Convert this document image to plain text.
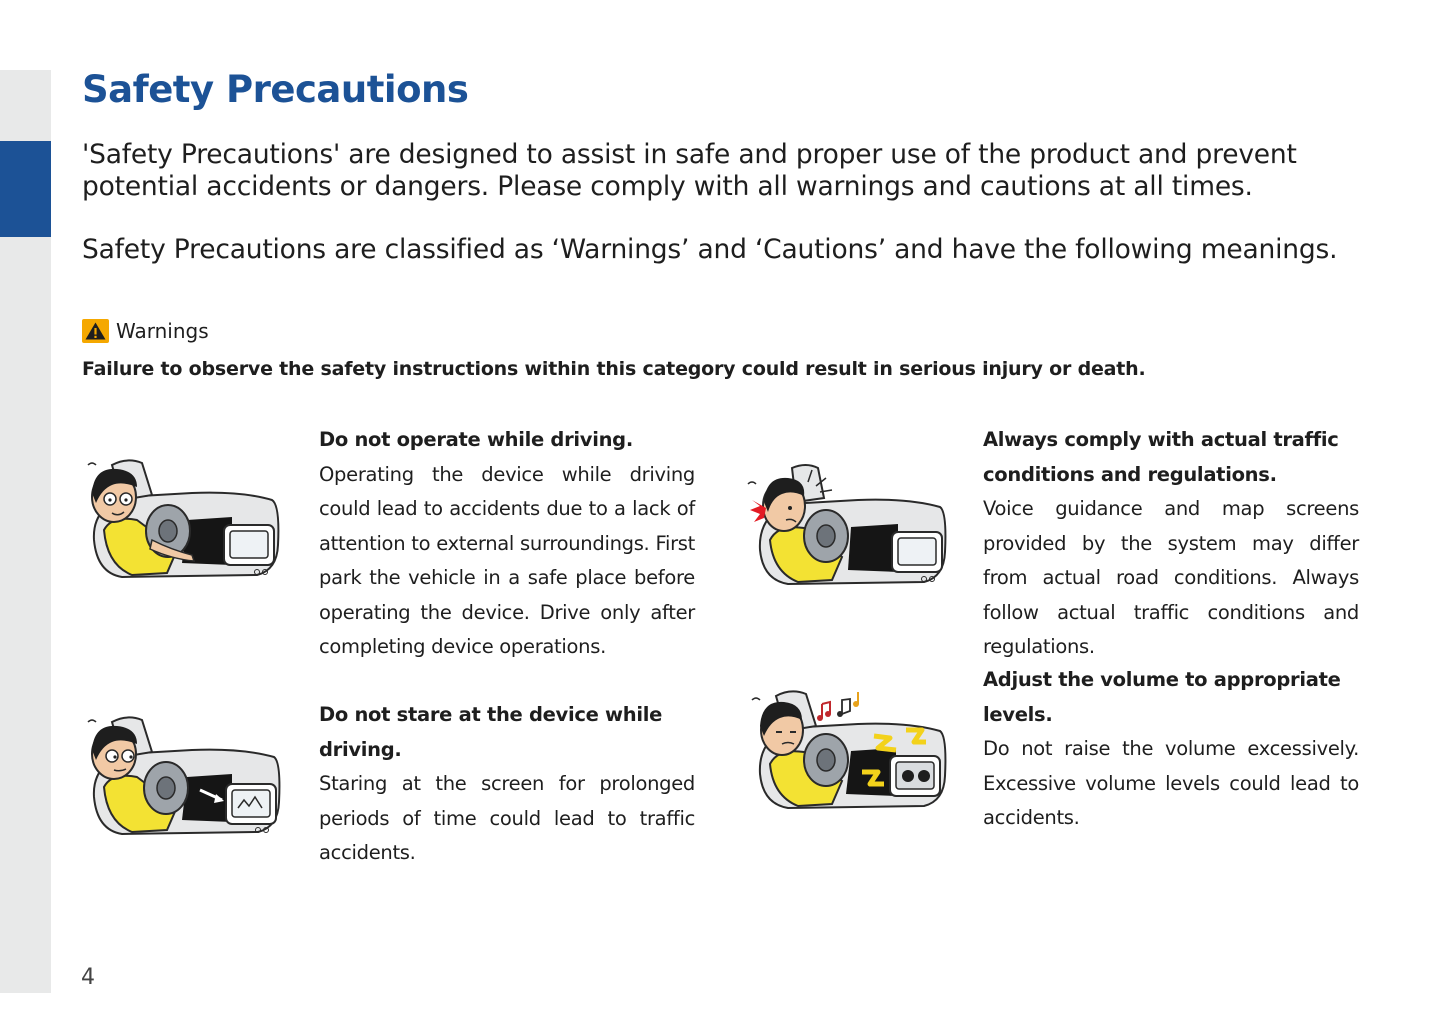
Safety Precautions

'Safety Precautions' are designed to assist in safe and proper use of the product and prevent potential accidents or dangers. Please comply with all warnings and cautions at all times.

Safety Precautions are classified as ‘Warnings’ and ‘Cautions’ and have the following meanings.

Warnings
Failure to observe the safety instructions within this category could result in serious injury or death.
Do not operate while driving.
Operating the device while driving could lead to accidents due to a lack of attention to external surroundings. First park the vehicle in a safe place before operating the device. Drive only after completing device operations.
Do not stare at the device while driving.
Staring at the screen for prolonged periods of time could lead to traffic accidents.
Always comply with actual traffic conditions and regulations.
Voice guidance and map screens provided by the system may differ from actual road conditions. Always follow actual traffic conditions and regulations.
Adjust the volume to appropriate levels.
Do not raise the volume excessively. Excessive volume levels could lead to accidents.
4
